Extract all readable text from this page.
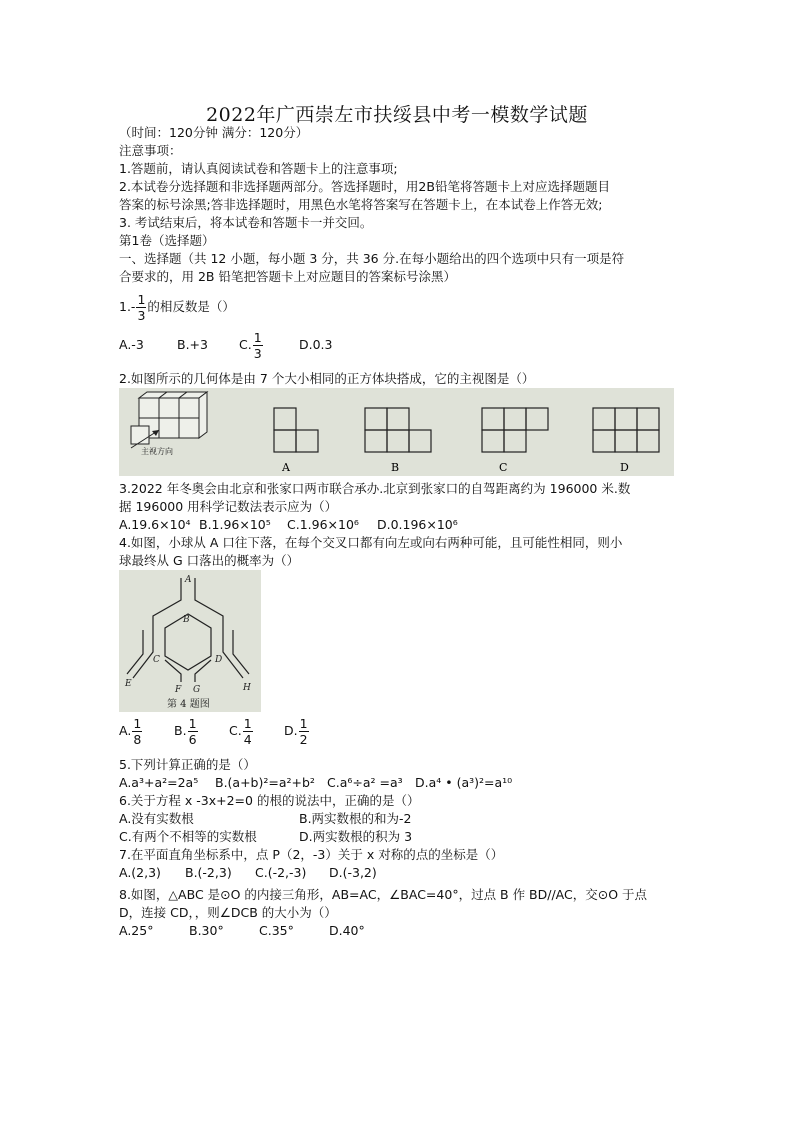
2022年广西崇左市扶绥县中考一模数学试题
（时间：120分钟 满分：120分）
注意事项：
1.答题前，请认真阅读试卷和答题卡上的注意事项;
2.本试卷分选择题和非选择题两部分。答选择题时，用2B铅笔将答题卡上对应选择题题目
答案的标号涂黑;答非选择题时，用黑色水笔将答案写在答题卡上，在本试卷上作答无效;
3. 考试结束后，将本试卷和答题卡一并交回。
第1卷（选择题）
一、选择题（共 12 小题，每小题 3 分，共 36 分.在每小题给出的四个选项中只有一项是符
合要求的，用 2B 铅笔把答题卡上对应题目的答案标号涂黑）
$1.- \frac{1}{3}$ 的相反数是（）
A.-3	B.+3 C. $\frac{1}{3}$	D.0.3
2.如图所示的几何体是由 7 个大小相同的正方体块搭成，它的主视图是（）
主视方向
A	B	C	D
3.2022 年冬奥会由北京和张家口两市联合承办.北京到张家口的自驾距离约为 196000 米.数
据 196000 用科学记数法表示应为（）
A.19.6×10⁴ B.1.96×10⁵ C.1.96×10⁶ D.0.196×10⁶
4.如图，小球从 A 口往下落，在每个交叉口都有向左或向右两种可能，且可能性相同，则小
球最终从 G 口落出的概率为（）
A
B
C	D
E
F G	H
第 4 题图
A. $\frac{1}{8}$	B. $\frac{1}{6}$	C. $\frac{1}{4}$	D. $\frac{1}{2}$
5.下列计算正确的是（）
A.a³+a²=2a⁵ B.(a+b)²=a²+b² C.a⁶÷a² =a³ D.a⁴ • (a³)²=a¹⁰
6.关于方程 x -3x+2=0 的根的说法中，正确的是（）
A.没有实数根	B.两实数根的和为-2
C.有两个不相等的实数根	D.两实数根的积为 3
7.在平面直角坐标系中，点 P（2，-3）关于 x 对称的点的坐标是（）
A.(2,3) B.(-2,3) C.(-2,-3) D.(-3,2)
8.如图，△ABC 是⊙O 的内接三角形，AB=AC，∠BAC=40°，过点 B 作 BD//AC，交⊙O 于点
D，连接 CD，，则∠DCB 的大小为（）
A.25°	B.30°	C.35°	D.40°
